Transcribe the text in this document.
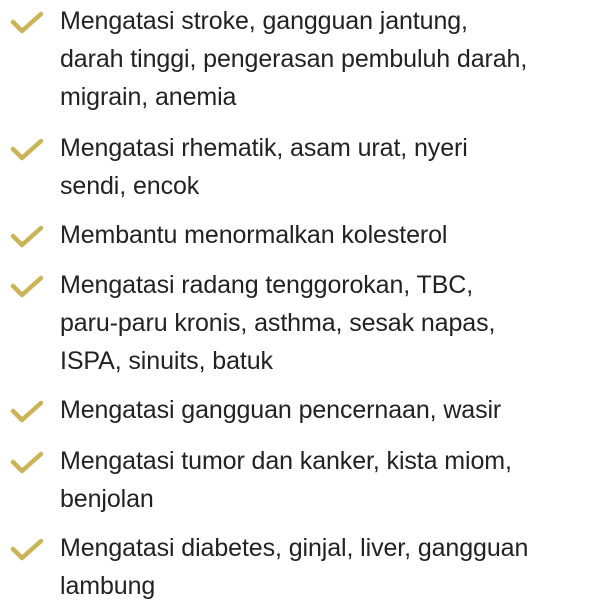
Mengatasi stroke, gangguan jantung,
darah tinggi, pengerasan pembuluh darah,
migrain, anemia
Mengatasi rhematik, asam urat, nyeri
sendi, encok
Membantu menormalkan kolesterol
Mengatasi radang tenggorokan, TBC,
paru-paru kronis, asthma, sesak napas,
ISPA, sinuits, batuk
Mengatasi gangguan pencernaan, wasir
Mengatasi tumor dan kanker, kista miom,
benjolan
Mengatasi diabetes, ginjal, liver, gangguan
lambung
